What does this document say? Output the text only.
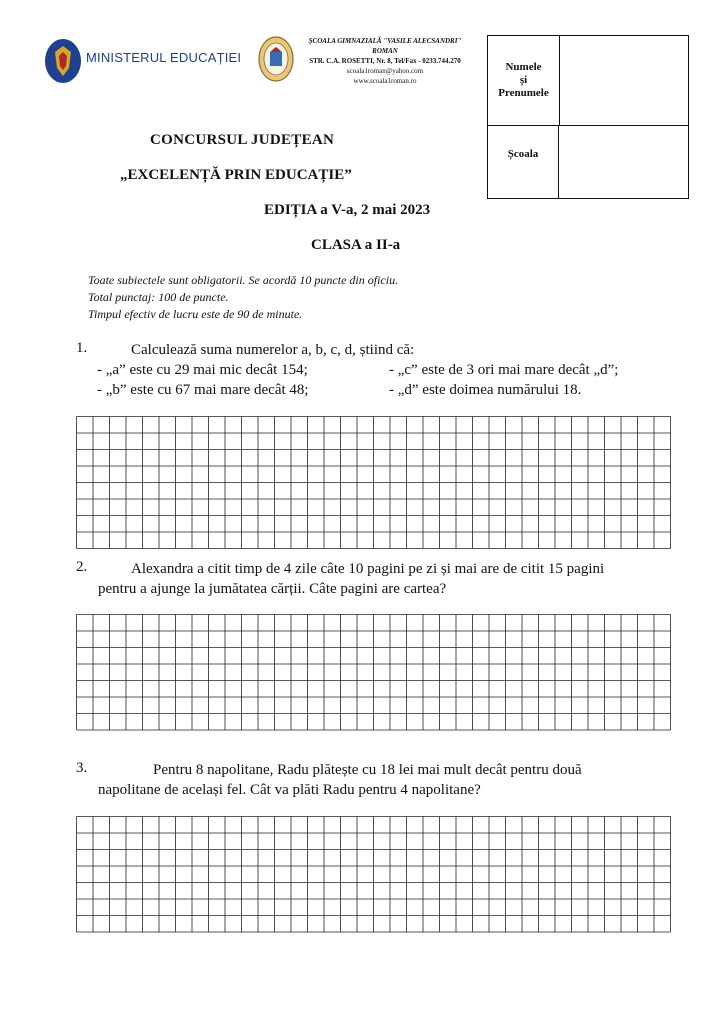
MINISTERUL EDUCAȚIEI
ȘCOALA GIMNAZIALĂ "VASILE ALECSANDRI"
ROMAN
STR. C.A. ROSETTI, Nr. 8, Tel/Fax - 0233.744.270
scoala1roman@yahoo.com
www.scoala1roman.ro
Numele
și
Prenumele
Școala
CONCURSUL JUDEȚEAN
„EXCELENȚĂ PRIN EDUCAȚIE”
EDIȚIA a V-a, 2 mai 2023
CLASA a II-a
Toate subiectele sunt obligatorii. Se acordă 10 puncte din oficiu.
Total punctaj: 100 de puncte.
Timpul efectiv de lucru este de 90 de minute.
1.	Calculează suma numerelor a, b, c, d, știind că:
- „a” este cu 29 mai mic decât 154;	- „c” este de 3 ori mai mare decât „d”;
- „b” este cu 67 mai mare decât 48;	- „d” este doimea numărului 18.
2.	Alexandra a citit timp de 4 zile câte 10 pagini pe zi și mai are de citit 15 pagini
pentru a ajunge la jumătatea cărții. Câte pagini are cartea?
3.	Pentru 8 napolitane, Radu plătește cu 18 lei mai mult decât pentru două
napolitane de același fel. Cât va plăti Radu pentru 4 napolitane?
